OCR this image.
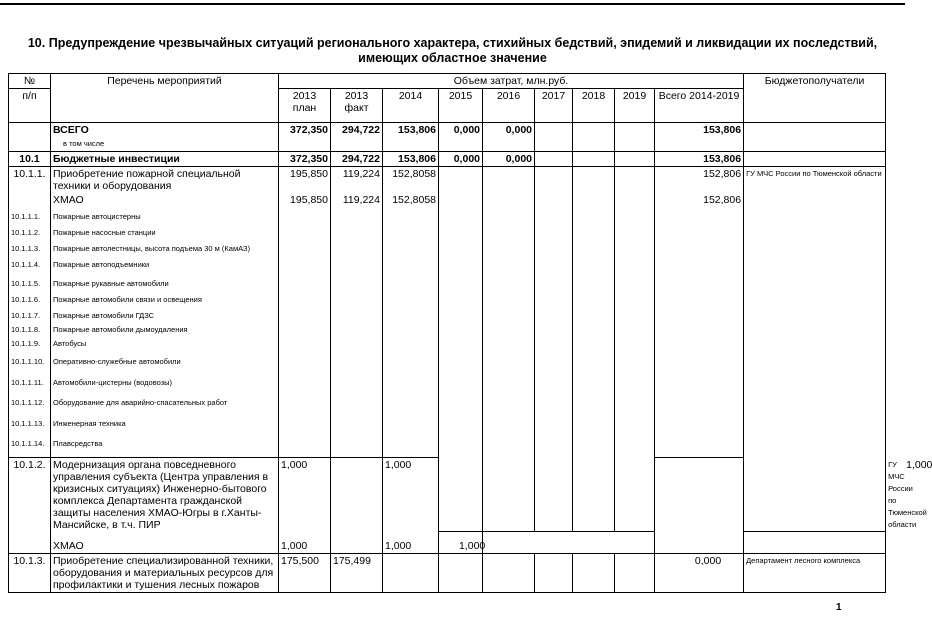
10. Предупреждение чрезвычайных ситуаций регионального характера, стихийных бедствий, эпидемий и ликвидации их последствий,
имеющих областное значение
№	Перечень мероприятий	Объем затрат, млн.руб.									Бюджетополучатели	
п/п		2013 план	2013 факт	2014	2015	2016	2017	2018	2019	Всего 2014-2019		
	ВСЕГО	372,350	294,722	153,806	0,000	0,000				153,806		
	в том числе											
10.1	Бюджетные инвестиции	372,350	294,722	153,806	0,000	0,000				153,806		
10.1.1.	Приобретение пожарной специальной техники и оборудования	195,850	119,224	152,8058						152,806	ГУ МЧС России по Тюменской области	
	ХМАО	195,850	119,224	152,8058						152,806		
10.1.1.1.	Пожарные автоцистерны											
10.1.1.2.	Пожарные насосные станции											
10.1.1.3.	Пожарные автолестницы, высота подъема 30 м (КамАЗ)											
10.1.1.4.	Пожарные автоподъемники											
10.1.1.5.	Пожарные рукавные автомобили											
10.1.1.6.	Пожарные автомобили связи и освещения											
10.1.1.7.	Пожарные автомобили ГДЗС											
10.1.1.8.	Пожарные автомобили дымоудаления											
10.1.1.9.	Автобусы											
10.1.1.10.	Оперативно-служебные автомобили											
10.1.1.11.	Автомобили-цистерны (водовозы)											
10.1.1.12.	Оборудование для аварийно-спасательных работ											
10.1.1.13.	Инженерная техника											
10.1.1.14.	Плавсредства											
10.1.2.	Модернизация органа повседневного управления субъекта (Центра управления в кризисных ситуациях) Инженерно-бытового комплекса Департамента гражданской защиты населения ХМАО-Югры в г.Ханты-Мансийске, в т.ч. ПИР	1,000		1,000								1,000	ГУ МЧС России по Тюменской области
	ХМАО	1,000		1,000	1,000							
10.1.3.	Приобретение специализированной техники, оборудования и материальных ресурсов для профилактики и тушения лесных пожаров	175,500	175,499							0,000	Департамент лесного комплекса	
1
